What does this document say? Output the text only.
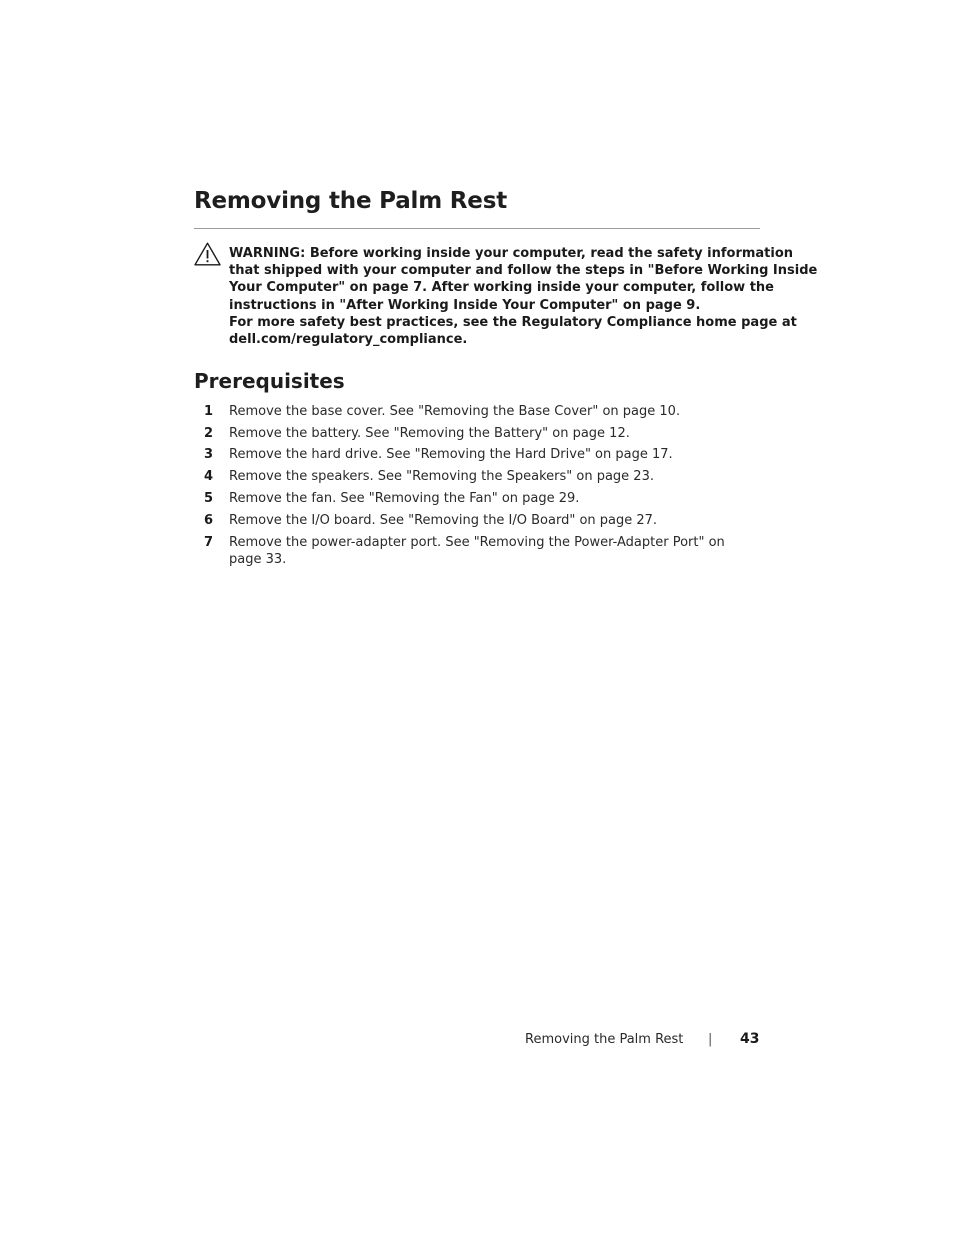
Removing the Palm Rest

WARNING: Before working inside your computer, read the safety information
that shipped with your computer and follow the steps in "Before Working Inside
Your Computer" on page 7. After working inside your computer, follow the
instructions in "After Working Inside Your Computer" on page 9.
For more safety best practices, see the Regulatory Compliance home page at
dell.com/regulatory_compliance.

Prerequisites
1 Remove the base cover. See "Removing the Base Cover" on page 10.
2 Remove the battery. See "Removing the Battery" on page 12.
3 Remove the hard drive. See "Removing the Hard Drive" on page 17.
4 Remove the speakers. See "Removing the Speakers" on page 23.
5 Remove the fan. See "Removing the Fan" on page 29.
6 Remove the I/O board. See "Removing the I/O Board" on page 27.
7 Remove the power-adapter port. See "Removing the Power-Adapter Port" on
page 33.
Removing the Palm Rest | 43
